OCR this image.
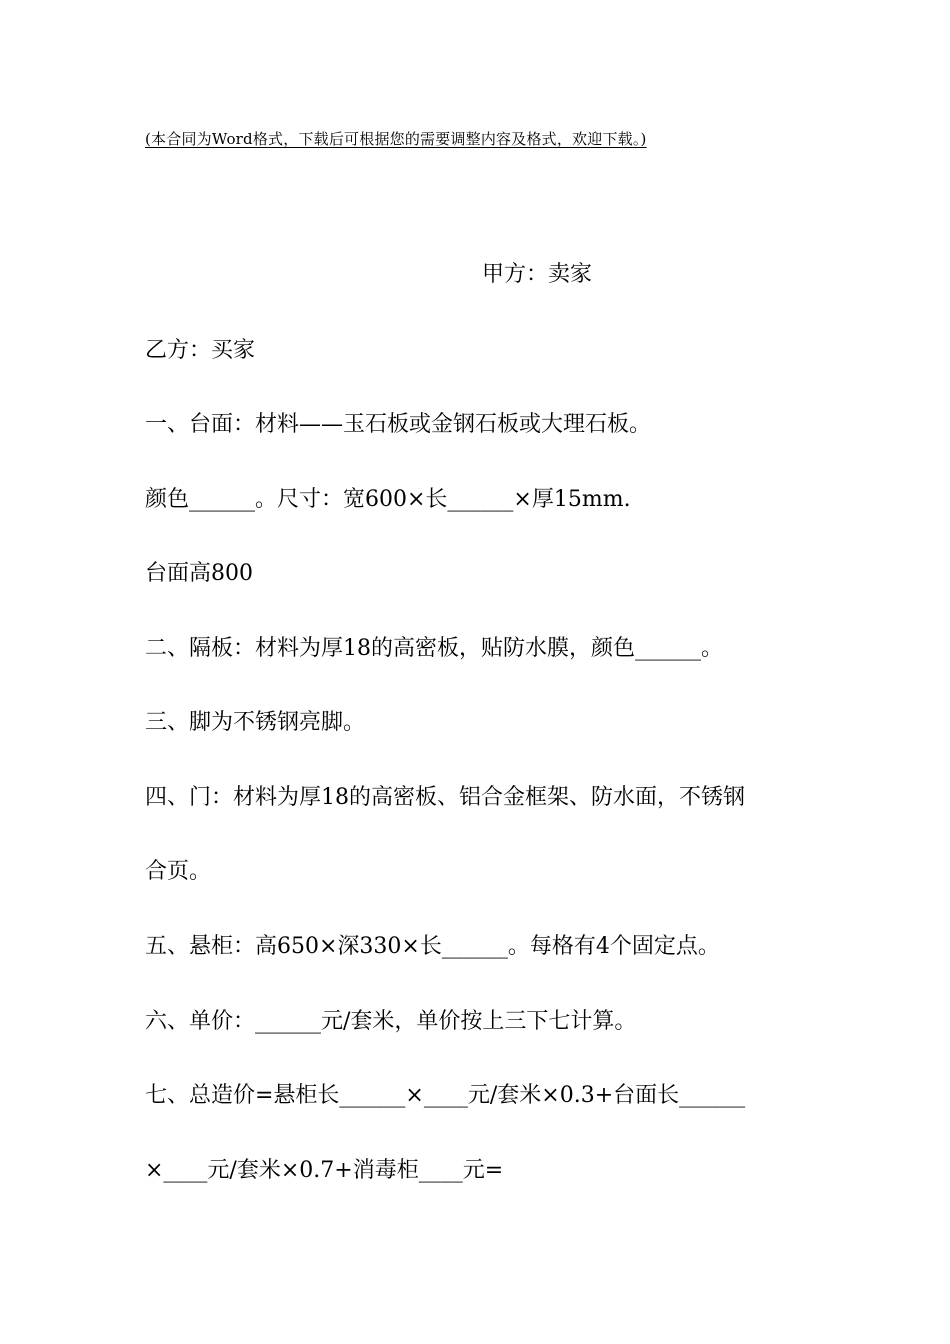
(本合同为Word格式，下载后可根据您的需要调整内容及格式，欢迎下载。)
甲方：卖家
乙方：买家
一、台面：材料——玉石板或金钢石板或大理石板。
颜色______。尺寸：宽600×长______×厚15mm.
台面高800
二、隔板：材料为厚18的高密板，贴防水膜，颜色______。
三、脚为不锈钢亮脚。
四、门：材料为厚18的高密板、铝合金框架、防水面，不锈钢
合页。
五、悬柜：高650×深330×长______。每格有4个固定点。
六、单价：______元/套米，单价按上三下七计算。
七、总造价=悬柜长______×____元/套米×0.3+台面长______
×____元/套米×0.7+消毒柜____元=
